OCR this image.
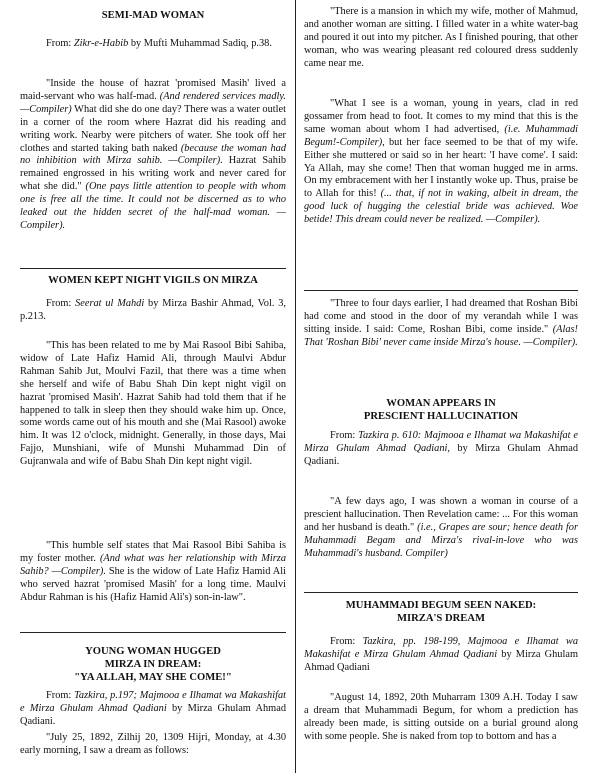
SEMI-MAD WOMAN
From: Zikr-e-Habib by Mufti Muhammad Sadiq, p.38.
"Inside the house of hazrat 'promised Masih' lived a maid-servant who was half-mad. (And rendered services madly. —Compiler) What did she do one day? There was a water outlet in a corner of the room where Hazrat did his reading and writing work. Nearby were pitchers of water. She took off her clothes and started taking bath naked (because the woman had no inhibition with Mirza sahib. —Compiler). Hazrat Sahib remained engrossed in his writing work and never cared for what she did." (One pays little attention to people with whom one is free all the time. It could not be discerned as to who leaked out the hidden secret of the half-mad woman. —Compiler).
WOMEN KEPT NIGHT VIGILS ON MIRZA
From: Seerat ul Mahdi by Mirza Bashir Ahmad, Vol. 3, p.213.
"This has been related to me by Mai Rasool Bibi Sahiba, widow of Late Hafiz Hamid Ali, through Maulvi Abdur Rahman Sahib Jut, Moulvi Fazil, that there was a time when she herself and wife of Babu Shah Din kept night vigil on hazrat 'promised Masih'. Hazrat Sahib had told them that if he happened to talk in sleep then they should wake him up. Once, some words came out of his mouth and she (Mai Rasool) awoke him. It was 12 o'clock, midnight. Generally, in those days, Mai Fajjo, Munshiani, wife of Munshi Muhammad Din of Gujranwala and wife of Babu Shah Din kept night vigil.
"This humble self states that Mai Rasool Bibi Sahiba is my foster mother. (And what was her relationship with Mirza Sahib? —Compiler). She is the widow of Late Hafiz Hamid Ali who served hazrat 'promised Masih' for a long time. Maulvi Abdur Rahman is his (Hafiz Hamid Ali's) son-in-law".
YOUNG WOMAN HUGGED
MIRZA IN DREAM:
"YA ALLAH, MAY SHE COME!"
From: Tazkira, p.197; Majmooa e Ilhamat wa Makashifat e Mirza Ghulam Ahmad Qadiani by Mirza Ghulam Ahmad Qadiani.
"July 25, 1892, Zilhij 20, 1309 Hijri, Monday, at 4.30 early morning, I saw a dream as follows:
"There is a mansion in which my wife, mother of Mahmud, and another woman are sitting. I filled water in a white water-bag and poured it out into my pitcher. As I finished pouring, that other woman, who was wearing pleasant red coloured dress suddenly came near me.
"What I see is a woman, young in years, clad in red gossamer from head to foot. It comes to my mind that this is the same woman about whom I had advertised, (i.e. Muhammadi Begum!-Compiler), but her face seemed to be that of my wife. Either she muttered or said so in her heart: 'I have come'. I said: Ya Allah, may she come! Then that woman hugged me in arms. On my embracement with her I instantly woke up. Thus, praise be to Allah for this! (... that, if not in waking, albeit in dream, the good luck of hugging the celestial bride was achieved. Woe betide! This dream could never be realized. —Compiler).
"Three to four days earlier, I had dreamed that Roshan Bibi had come and stood in the door of my verandah while I was sitting inside. I said: Come, Roshan Bibi, come inside." (Alas! That 'Roshan Bibi' never came inside Mirza's house. —Compiler).
WOMAN APPEARS IN
PRESCIENT HALLUCINATION
From: Tazkira p. 610: Majmooa e Ilhamat wa Makashifat e Mirza Ghulam Ahmad Qadiani, by Mirza Ghulam Ahmad Qadiani.
"A few days ago, I was shown a woman in course of a prescient hallucination. Then Revelation came: ... For this woman and her husband is death." (i.e., Grapes are sour; hence death for Muhammadi Begam and Mirza's rival-in-love who was Muhammadi's husband. Compiler)
MUHAMMADI BEGUM SEEN NAKED:
MIRZA'S DREAM
From: Tazkira, pp. 198-199, Majmooa e Ilhamat wa Makashifat e Mirza Ghulam Ahmad Qadiani by Mirza Ghulam Ahmad Qadiani
"August 14, 1892, 20th Muharram 1309 A.H. Today I saw a dream that Muhammadi Begum, for whom a prediction has already been made, is sitting outside on a burial ground along with some people. She is naked from top to bottom and has a
